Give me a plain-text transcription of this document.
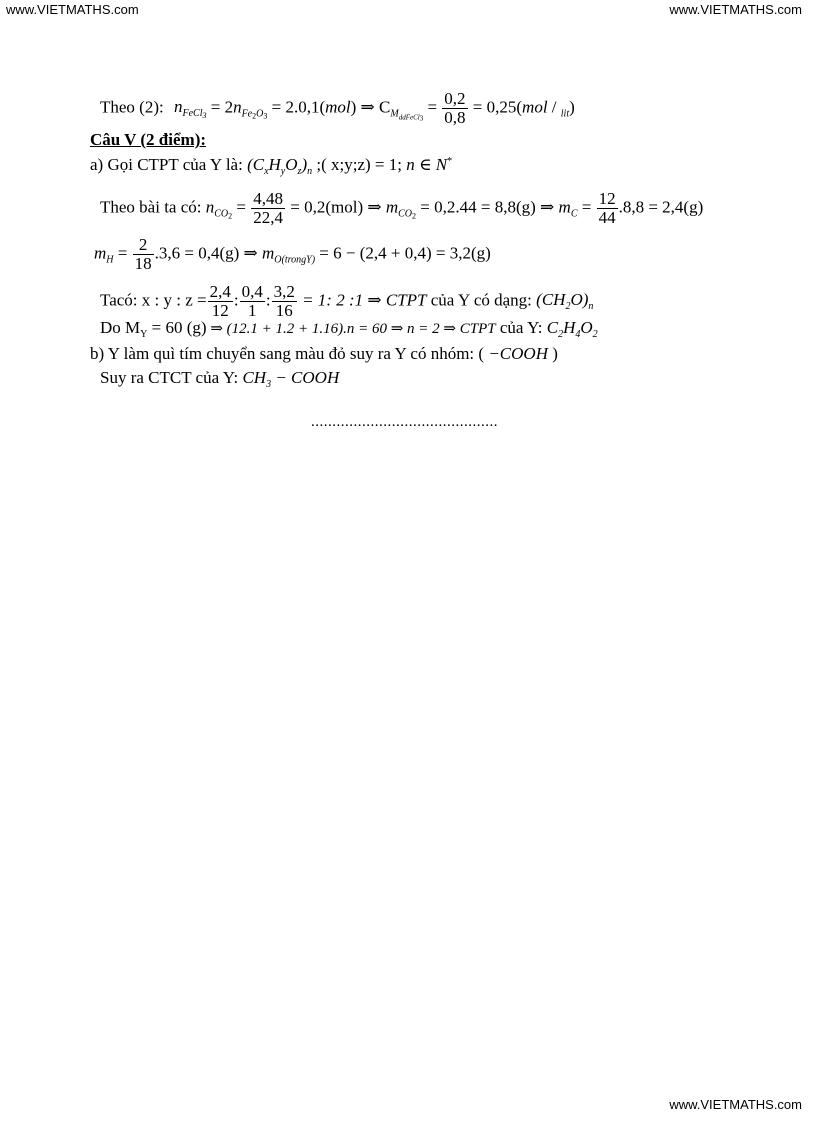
www.VIETMATHS.com	www.VIETMATHS.com
Theo (2): $n_{FeCl3} = 2n_{Fe2O3} = 2.0,1(mol)$ ⇒ $C_{MddFeCl3} = \frac{0,2}{0,8} = 0,25(mol / _{lit})$
Câu V (2 điểm):
a) Gọi CTPT của Y là: $(C_xH_yO_z)_n$ ;( x;y;z) = 1; n ∈ N*
Theo bài ta có: $n_{CO2} = \frac{4,48}{22,4} = 0,2(mol)$ ⇒ $m_{CO2} = 0,2.44 = 8,8(g)$ ⇒ $m_C = \frac{12}{44} .8,8 = 2,4(g)$
$m_H = \frac{2}{18} .3,6 = 0,4(g)$ ⇒ $m_{O(trongY)} = 6 - (2,4 + 0,4) = 3,2(g)$
Tacó: x : y : $z = \frac{2,4}{12}$ : $\frac{0,4}{1}$ : $\frac{3,2}{16} = 1$: 2 :1 ⇒ CTPT của Y có dạng: $(CH_2O)_n$
Do $M_Y = 60$ (g) ⇒ (12.1 + 1.2 + 1.16).n = 60 ⇒ n = 2 ⇒ CTPT của Y: $C_2H_4O_2$
b) Y làm quì tím chuyển sang màu đỏ suy ra Y có nhóm: ( −COOH )
Suy ra CTCT của Y: $CH_3$ − COOH
............................................
www.VIETMATHS.com
